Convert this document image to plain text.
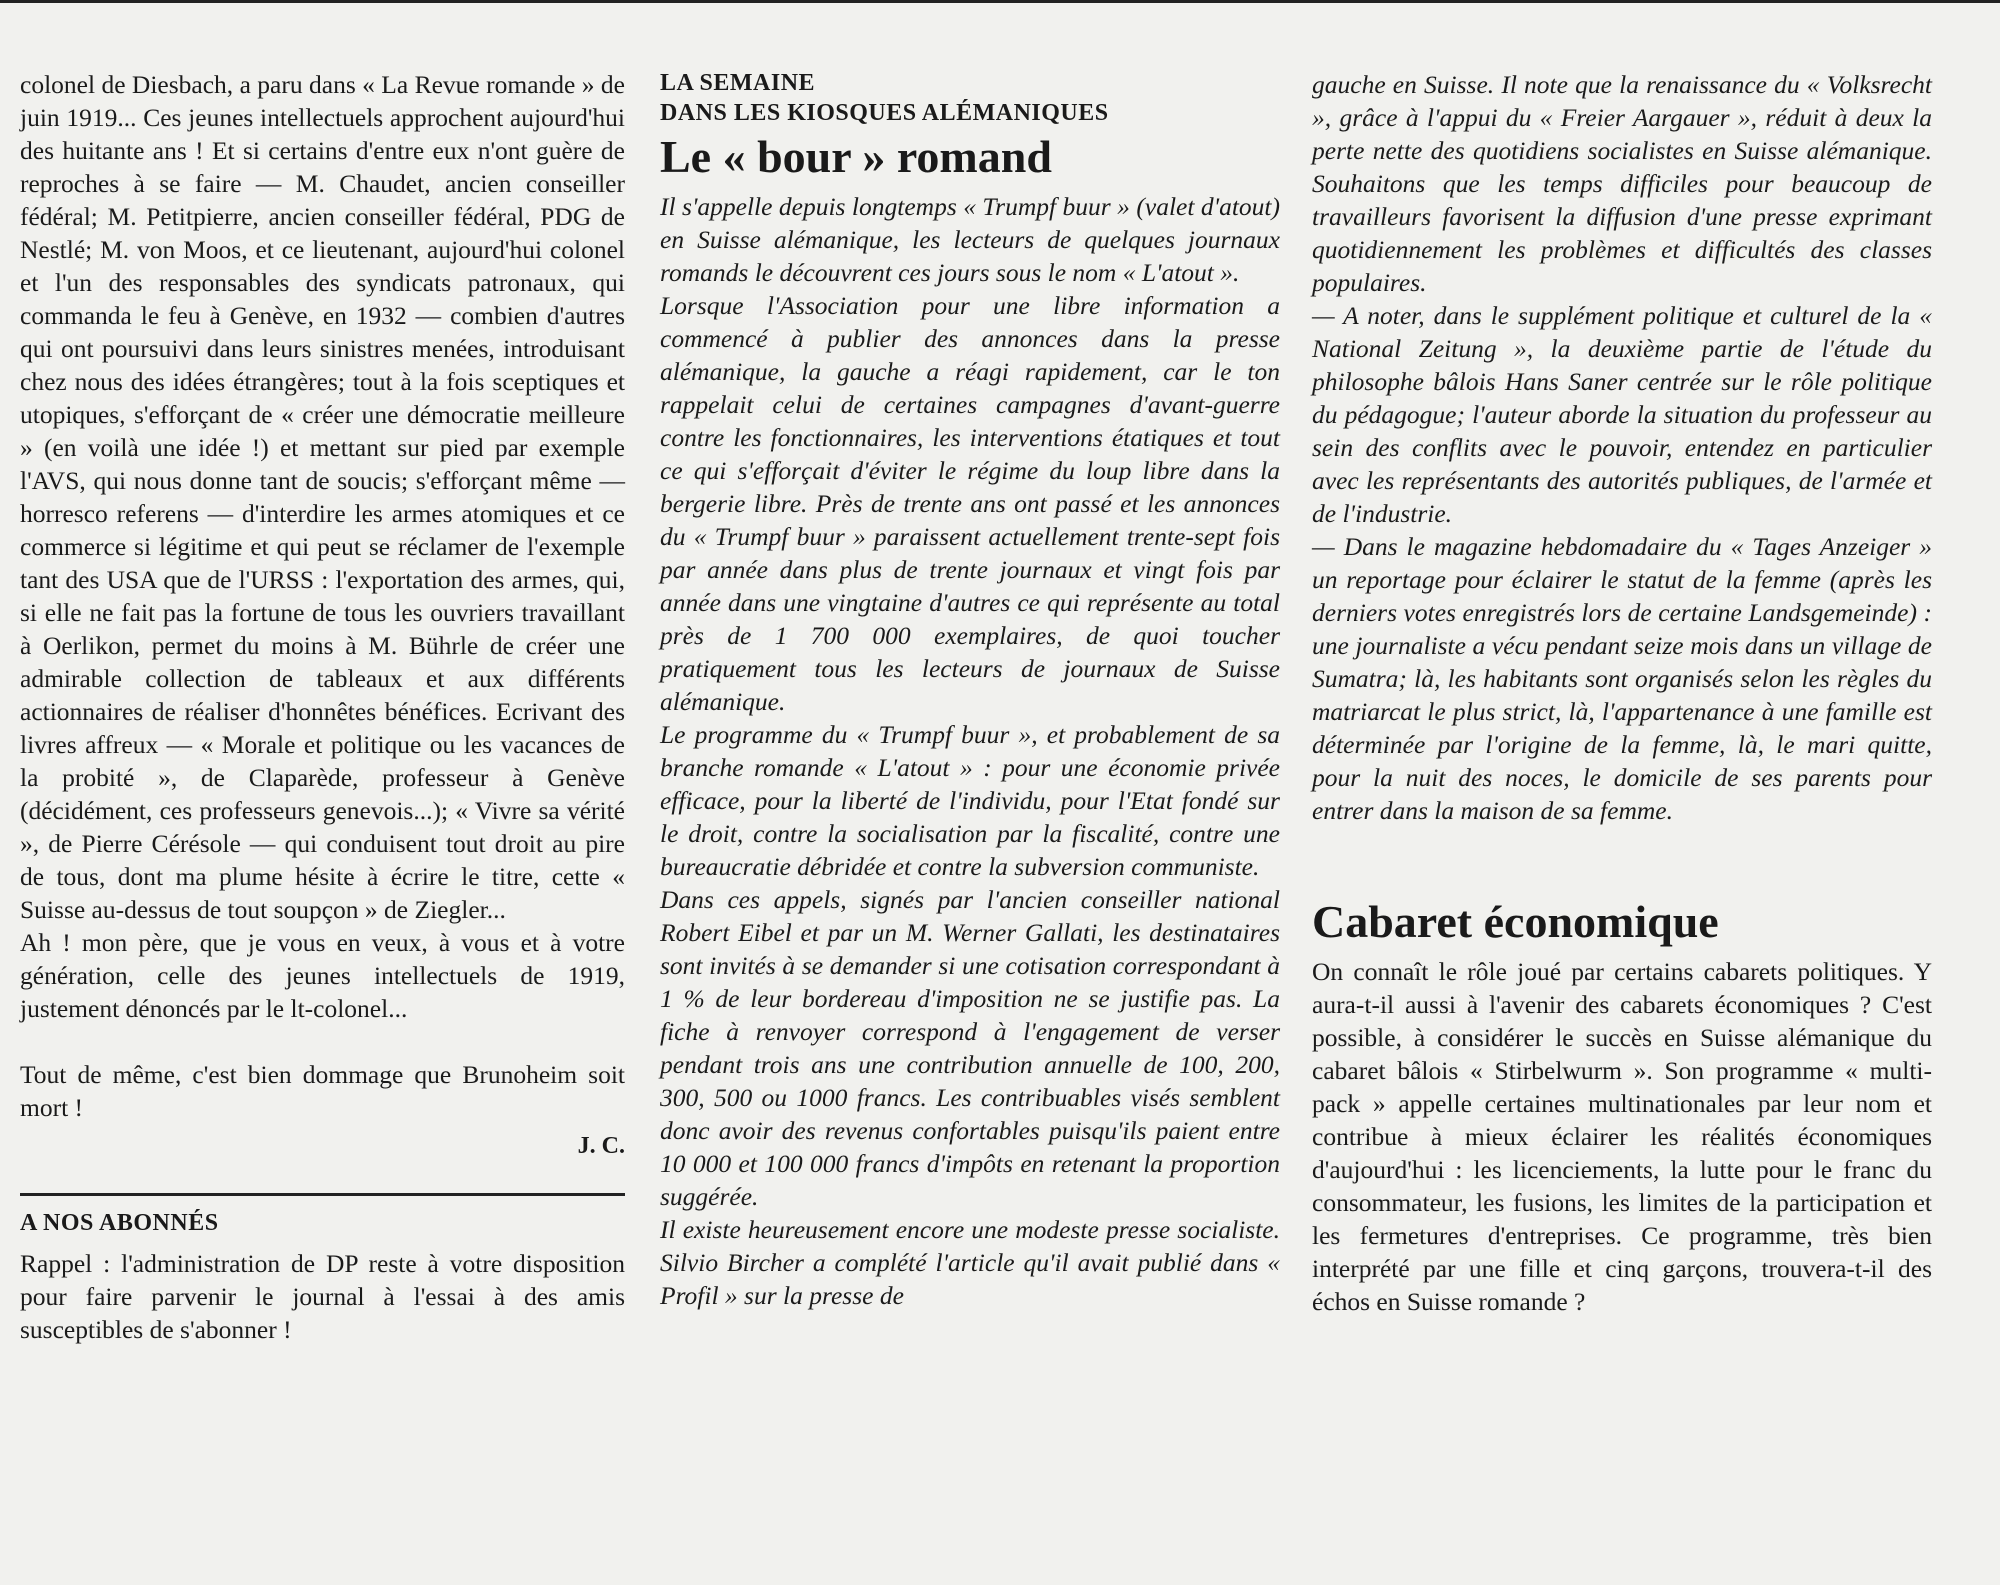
colonel de Diesbach, a paru dans « La Revue romande » de juin 1919... Ces jeunes intellectuels approchent aujourd'hui des huitante ans ! Et si certains d'entre eux n'ont guère de reproches à se faire — M. Chaudet, ancien conseiller fédéral; M. Petitpierre, ancien conseiller fédéral, PDG de Nestlé; M. von Moos, et ce lieutenant, aujourd'hui colonel et l'un des responsables des syndicats patronaux, qui commanda le feu à Genève, en 1932 — combien d'autres qui ont poursuivi dans leurs sinistres menées, introduisant chez nous des idées étrangères; tout à la fois sceptiques et utopiques, s'efforçant de « créer une démocratie meilleure » (en voilà une idée !) et mettant sur pied par exemple l'AVS, qui nous donne tant de soucis; s'efforçant même — horresco referens — d'interdire les armes atomiques et ce commerce si légitime et qui peut se réclamer de l'exemple tant des USA que de l'URSS : l'exportation des armes, qui, si elle ne fait pas la fortune de tous les ouvriers travaillant à Oerlikon, permet du moins à M. Bührle de créer une admirable collection de tableaux et aux différents actionnaires de réaliser d'honnêtes bénéfices. Ecrivant des livres affreux — « Morale et politique ou les vacances de la probité », de Claparède, professeur à Genève (décidément, ces professeurs genevois...); « Vivre sa vérité », de Pierre Cérésole — qui conduisent tout droit au pire de tous, dont ma plume hésite à écrire le titre, cette « Suisse au-dessus de tout soupçon » de Ziegler...

Ah ! mon père, que je vous en veux, à vous et à votre génération, celle des jeunes intellectuels de 1919, justement dénoncés par le lt-colonel...

Tout de même, c'est bien dommage que Brunoheim soit mort !

J. C.
A NOS ABONNÉS

Rappel : l'administration de DP reste à votre disposition pour faire parvenir le journal à l'essai à des amis susceptibles de s'abonner !

LA SEMAINE
DANS LES KIOSQUES ALÉMANIQUES
Le « bour » romand

Il s'appelle depuis longtemps « Trumpf buur » (valet d'atout) en Suisse alémanique, les lecteurs de quelques journaux romands le découvrent ces jours sous le nom « L'atout ».

Lorsque l'Association pour une libre information a commencé à publier des annonces dans la presse alémanique, la gauche a réagi rapidement, car le ton rappelait celui de certaines campagnes d'avant-guerre contre les fonctionnaires, les interventions étatiques et tout ce qui s'efforçait d'éviter le régime du loup libre dans la bergerie libre. Près de trente ans ont passé et les annonces du « Trumpf buur » paraissent actuellement trente-sept fois par année dans plus de trente journaux et vingt fois par année dans une vingtaine d'autres ce qui représente au total près de 1 700 000 exemplaires, de quoi toucher pratiquement tous les lecteurs de journaux de Suisse alémanique.

Le programme du « Trumpf buur », et probablement de sa branche romande « L'atout » : pour une économie privée efficace, pour la liberté de l'individu, pour l'Etat fondé sur le droit, contre la socialisation par la fiscalité, contre une bureaucratie débridée et contre la subversion communiste.

Dans ces appels, signés par l'ancien conseiller national Robert Eibel et par un M. Werner Gallati, les destinataires sont invités à se demander si une cotisation correspondant à 1 % de leur bordereau d'imposition ne se justifie pas. La fiche à renvoyer correspond à l'engagement de verser pendant trois ans une contribution annuelle de 100, 200, 300, 500 ou 1000 francs. Les contribuables visés semblent donc avoir des revenus confortables puisqu'ils paient entre 10 000 et 100 000 francs d'impôts en retenant la proportion suggérée.

Il existe heureusement encore une modeste presse socialiste. Silvio Bircher a complété l'article qu'il avait publié dans « Profil » sur la presse de

gauche en Suisse. Il note que la renaissance du « Volksrecht », grâce à l'appui du « Freier Aargauer », réduit à deux la perte nette des quotidiens socialistes en Suisse alémanique. Souhaitons que les temps difficiles pour beaucoup de travailleurs favorisent la diffusion d'une presse exprimant quotidiennement les problèmes et difficultés des classes populaires.

— A noter, dans le supplément politique et culturel de la « National Zeitung », la deuxième partie de l'étude du philosophe bâlois Hans Saner centrée sur le rôle politique du pédagogue; l'auteur aborde la situation du professeur au sein des conflits avec le pouvoir, entendez en particulier avec les représentants des autorités publiques, de l'armée et de l'industrie.

— Dans le magazine hebdomadaire du « Tages Anzeiger » un reportage pour éclairer le statut de la femme (après les derniers votes enregistrés lors de certaine Landsgemeinde) : une journaliste a vécu pendant seize mois dans un village de Sumatra; là, les habitants sont organisés selon les règles du matriarcat le plus strict, là, l'appartenance à une famille est déterminée par l'origine de la femme, là, le mari quitte, pour la nuit des noces, le domicile de ses parents pour entrer dans la maison de sa femme.

Cabaret économique

On connaît le rôle joué par certains cabarets politiques. Y aura-t-il aussi à l'avenir des cabarets économiques ? C'est possible, à considérer le succès en Suisse alémanique du cabaret bâlois « Stirbelwurm ». Son programme « multi-pack » appelle certaines multinationales par leur nom et contribue à mieux éclairer les réalités économiques d'aujourd'hui : les licenciements, la lutte pour le franc du consommateur, les fusions, les limites de la participation et les fermetures d'entreprises. Ce programme, très bien interprété par une fille et cinq garçons, trouvera-t-il des échos en Suisse romande ?
